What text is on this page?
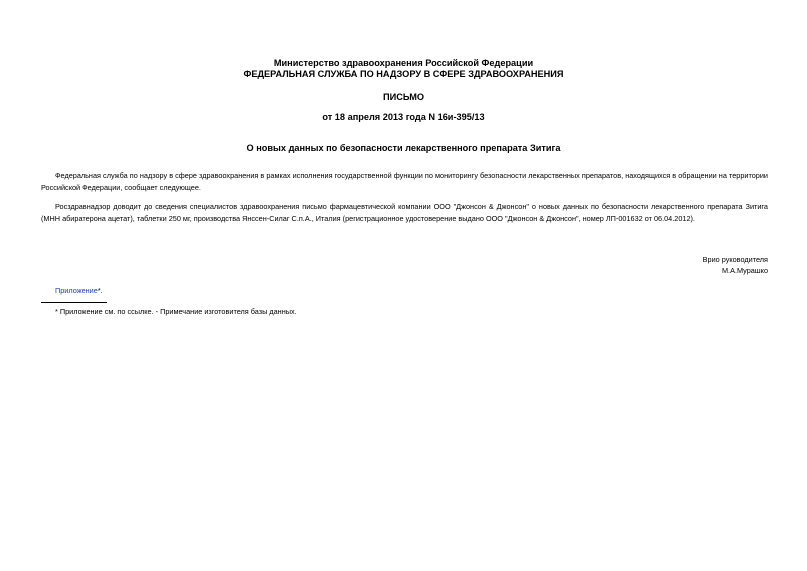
Министерство здравоохранения Российской Федерации
ФЕДЕРАЛЬНАЯ СЛУЖБА ПО НАДЗОРУ В СФЕРЕ ЗДРАВООХРАНЕНИЯ
ПИСЬМО
от 18 апреля 2013 года N 16и-395/13
О новых данных по безопасности лекарственного препарата Зитига

Федеральная служба по надзору в сфере здравоохранения в рамках исполнения государственной функции по мониторингу безопасности лекарственных препаратов, находящихся в обращении на территории Российской Федерации, сообщает следующее.

Росздравнадзор доводит до сведения специалистов здравоохранения письмо фармацевтической компании ООО "Джонсон & Джонсон" о новых данных по безопасности лекарственного препарата Зитига (МНН абиратерона ацетат), таблетки 250 мг, производства Янссен-Силаг С.п.А., Италия (регистрационное удостоверение выдано ООО "Джонсон & Джонсон", номер ЛП-001632 от 06.04.2012).

Врио руководителя
М.А.Мурашко
Приложение*.
* Приложение см. по ссылке. - Примечание изготовителя базы данных.
